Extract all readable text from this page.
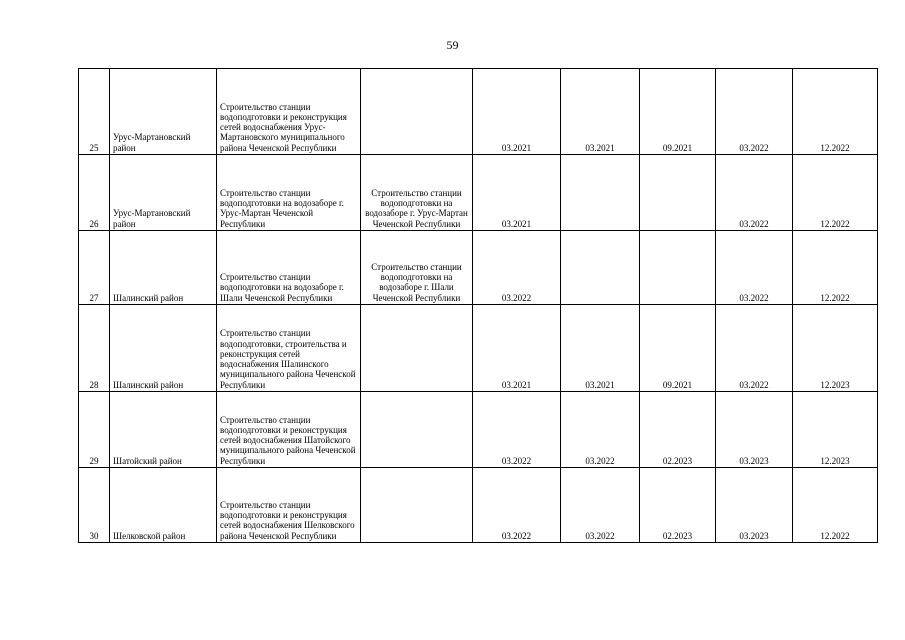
59
25	Урус-Мартановский район	Строительство станции водоподготовки и реконструкция сетей водоснабжения Урус-Мартановского муниципального района Чеченской Республики		03.2021	03.2021	09.2021	03.2022	12.2022
26	Урус-Мартановский район	Строительство станции водоподготовки на водозаборе г. Урус-Мартан Чеченской Республики	Строительство станции водоподготовки на водозаборе г. Урус-Мартан Чеченской Республики	03.2021			03.2022	12.2022
27	Шалинский район	Строительство станции водоподготовки на водозаборе г. Шали Чеченской Республики	Строительство станции водоподготовки на водозаборе г. Шали Чеченской Республики	03.2022			03.2022	12.2022
28	Шалинский район	Строительство станции водоподготовки, строительства и реконструкция сетей водоснабжения Шалинского муниципального района Чеченской Республики		03.2021	03.2021	09.2021	03.2022	12.2023
29	Шатойский район	Строительство станции водоподготовки и реконструкция сетей водоснабжения Шатойского муниципального района Чеченской Республики		03.2022	03.2022	02.2023	03.2023	12.2023
30	Шелковской район	Строительство станции водоподготовки и реконструкция сетей водоснабжения Шелковского района Чеченской Республики		03.2022	03.2022	02.2023	03.2023	12.2022
